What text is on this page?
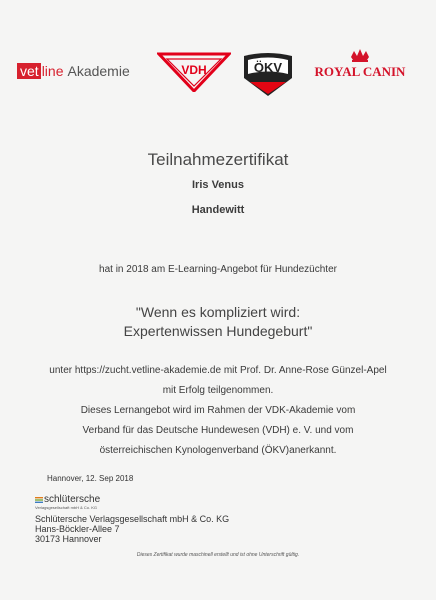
vet line Akademie	VDH	ÖKV ROYAL CANIN
Teilnahmezertifikat
Iris Venus
Handewitt
hat in 2018 am E-Learning-Angebot für Hundezüchter
"Wenn es kompliziert wird:
Expertenwissen Hundegeburt"
unter https://zucht.vetline-akademie.de mit Prof. Dr. Anne-Rose Günzel-Apel
mit Erfolg teilgenommen.
Dieses Lernangebot wird im Rahmen der VDK-Akademie vom
Verband für das Deutsche Hundewesen (VDH) e. V. und vom
österreichischen Kynologenverband (ÖKV)anerkannt.
Hannover, 12. Sep 2018
schlütersche
Verlagsgesellschaft mbH & Co. KG
Schlütersche Verlagsgesellschaft mbH & Co. KG
Hans-Böckler-Allee 7
30173 Hannover
Dieses Zertifikat wurde maschinell erstellt und ist ohne Unterschrift gültig.
